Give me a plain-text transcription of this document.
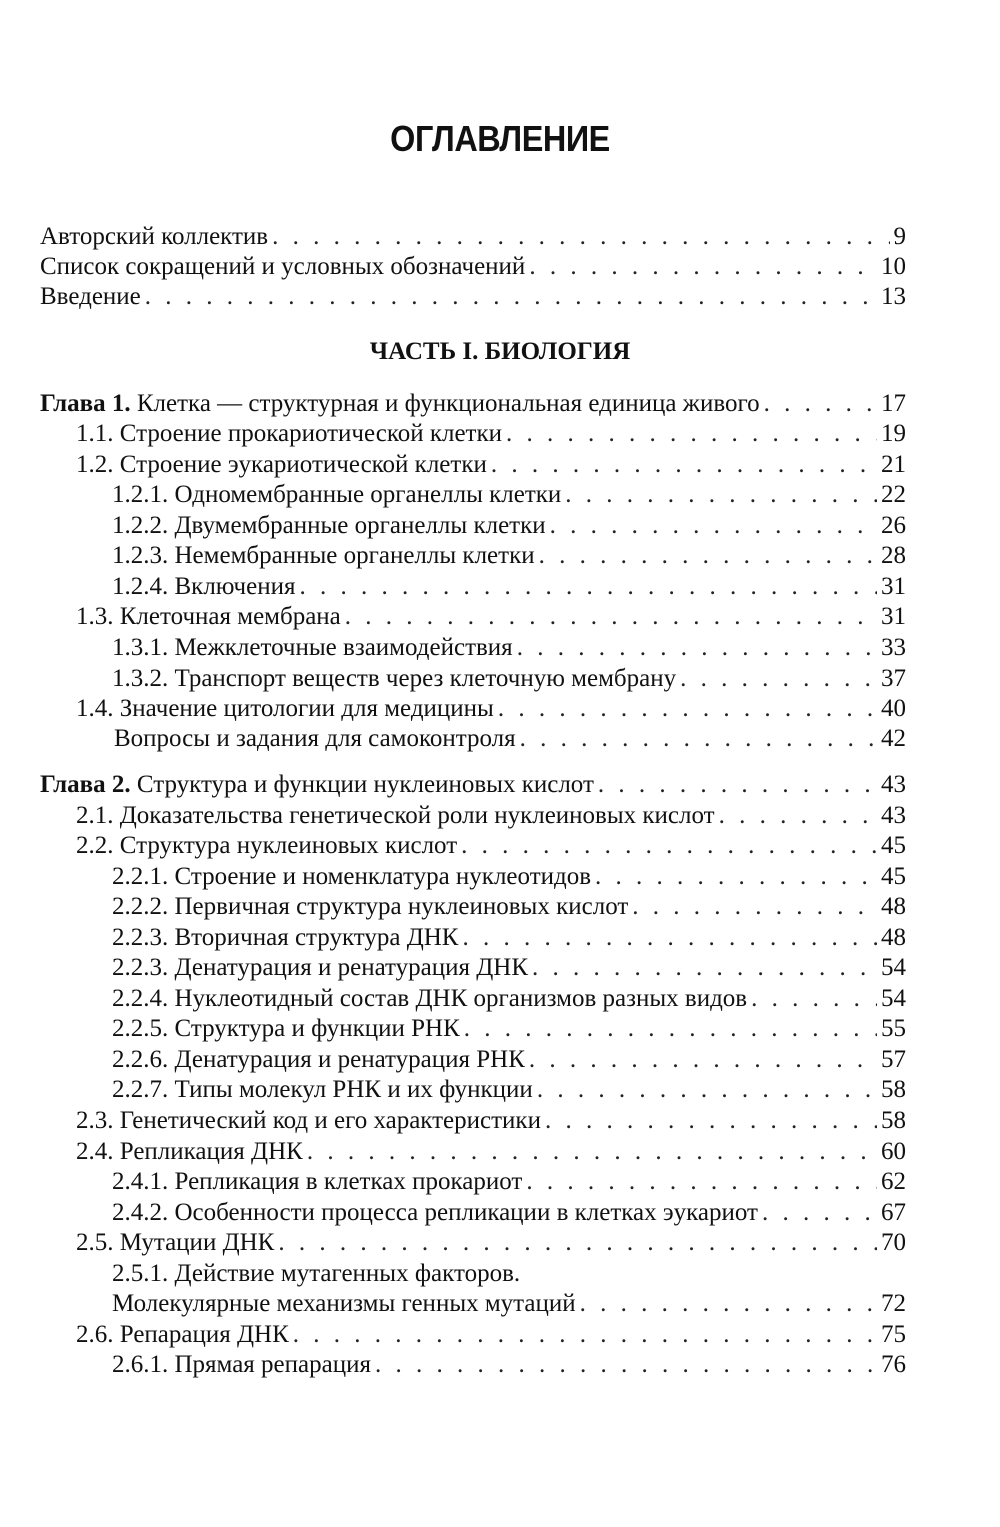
ОГЛАВЛЕНИЕ
Авторский коллектив . . .	9
Список сокращений и условных обозначений . . .	10
Введение . . .	13
ЧАСТЬ I. БИОЛОГИЯ
Глава 1. Клетка — структурная и функциональная единица живого . . .	17
1.1. Строение прокариотической клетки . . .	19
1.2. Строение эукариотической клетки . . .	21
1.2.1. Одномембранные органеллы клетки . . .	22
1.2.2. Двумембранные органеллы клетки . . .	26
1.2.3. Немембранные органеллы клетки . . .	28
1.2.4. Включения . . .	31
1.3. Клеточная мембрана . . .	31
1.3.1. Межклеточные взаимодействия . . .	33
1.3.2. Транспорт веществ через клеточную мембрану . . .	37
1.4. Значение цитологии для медицины . . .	40
Вопросы и задания для самоконтроля . . .	42
Глава 2. Структура и функции нуклеиновых кислот . . .	43
2.1. Доказательства генетической роли нуклеиновых кислот . . .	43
2.2. Структура нуклеиновых кислот . . .	45
2.2.1. Строение и номенклатура нуклеотидов . . .	45
2.2.2. Первичная структура нуклеиновых кислот . . .	48
2.2.3. Вторичная структура ДНК . . .	48
2.2.3. Денатурация и ренатурация ДНК . . .	54
2.2.4. Нуклеотидный состав ДНК организмов разных видов . . .	54
2.2.5. Структура и функции РНК . . .	55
2.2.6. Денатурация и ренатурация РНК . . .	57
2.2.7. Типы молекул РНК и их функции . . .	58
2.3. Генетический код и его характеристики . . .	58
2.4. Репликация ДНК . . .	60
2.4.1. Репликация в клетках прокариот . . .	62
2.4.2. Особенности процесса репликации в клетках эукариот . . .	67
2.5. Мутации ДНК . . .	70
2.5.1. Действие мутагенных факторов.
Молекулярные механизмы генных мутаций . . .	72
2.6. Репарация ДНК . . .	75
2.6.1. Прямая репарация . . .	76
